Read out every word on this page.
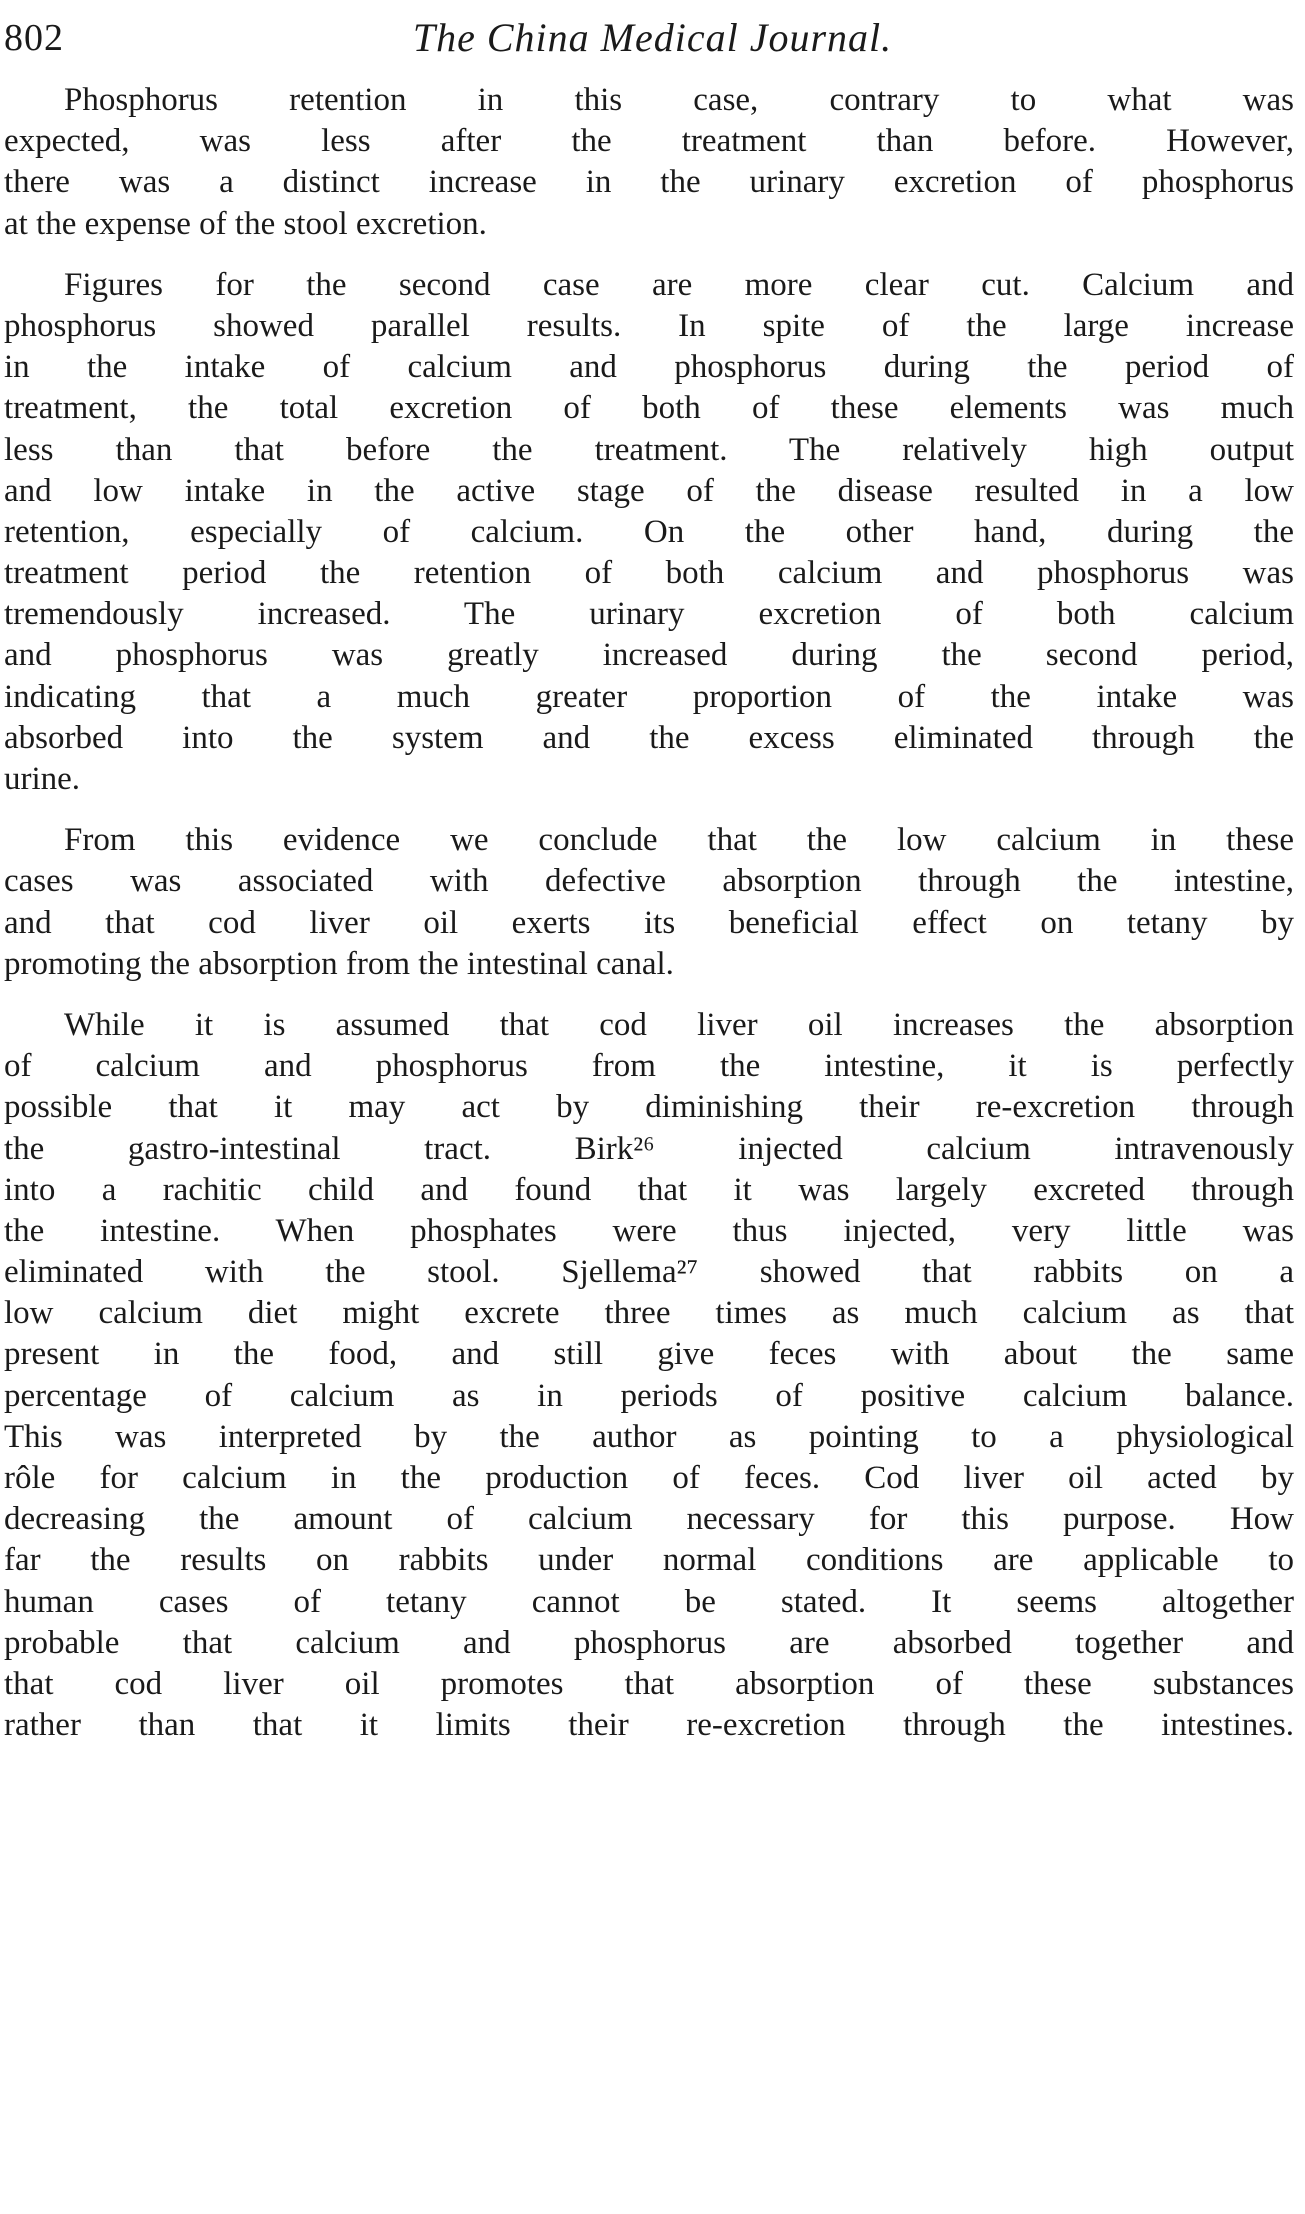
802	The China Medical Journal.
Phosphorus retention in this case, contrary to what was
expected, was less after the treatment than before. However,
there was a distinct increase in the urinary excretion of phosphorus
at the expense of the stool excretion.
Figures for the second case are more clear cut. Calcium and
phosphorus showed parallel results. In spite of the large increase
in the intake of calcium and phosphorus during the period of
treatment, the total excretion of both of these elements was much
less than that before the treatment. The relatively high output
and low intake in the active stage of the disease resulted in a low
retention, especially of calcium. On the other hand, during the
treatment period the retention of both calcium and phosphorus was
tremendously increased. The urinary excretion of both calcium
and phosphorus was greatly increased during the second period,
indicating that a much greater proportion of the intake was
absorbed into the system and the excess eliminated through the
urine.
From this evidence we conclude that the low calcium in these
cases was associated with defective absorption through the intestine,
and that cod liver oil exerts its beneficial effect on tetany by
promoting the absorption from the intestinal canal.
While it is assumed that cod liver oil increases the absorption
of calcium and phosphorus from the intestine, it is perfectly
possible that it may act by diminishing their re-excretion through
the gastro-intestinal tract. Birk²⁶ injected calcium intravenously
into a rachitic child and found that it was largely excreted through
the intestine. When phosphates were thus injected, very little was
eliminated with the stool. Sjellema²⁷ showed that rabbits on a
low calcium diet might excrete three times as much calcium as that
present in the food, and still give feces with about the same
percentage of calcium as in periods of positive calcium balance.
This was interpreted by the author as pointing to a physiological
rôle for calcium in the production of feces. Cod liver oil acted by
decreasing the amount of calcium necessary for this purpose. How
far the results on rabbits under normal conditions are applicable to
human cases of tetany cannot be stated. It seems altogether
probable that calcium and phosphorus are absorbed together and
that cod liver oil promotes that absorption of these substances
rather than that it limits their re-excretion through the intestines.
